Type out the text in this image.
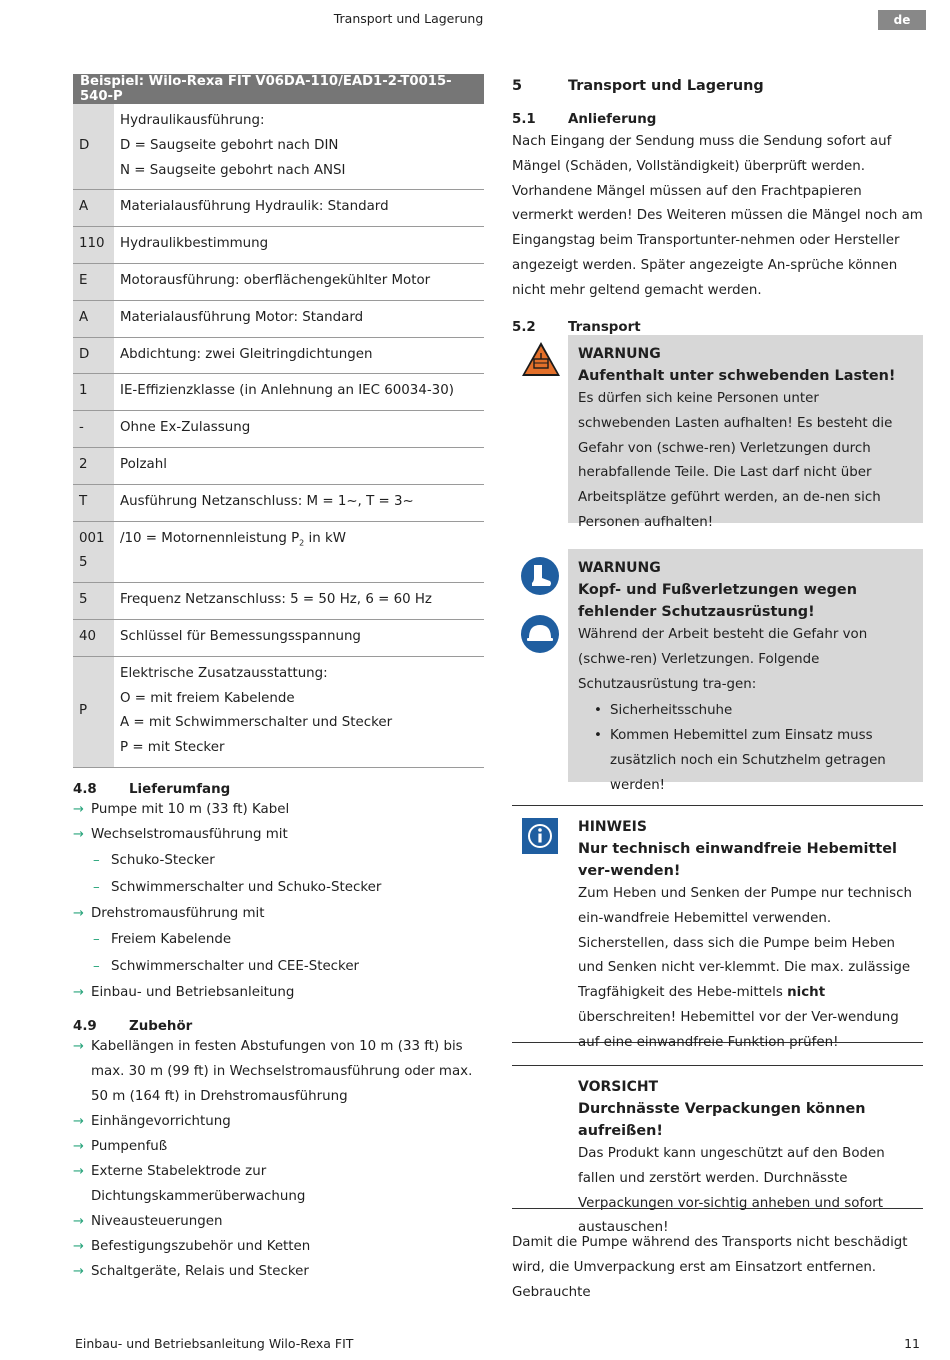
Transport und Lagerung	de
Beispiel: Wilo-Rexa FIT V06DA-110/EAD1-2-T0015-540-P	
D	Hydraulikausführung:
D = Saugseite gebohrt nach DIN
N = Saugseite gebohrt nach ANSI

A	Materialausführung Hydraulik: Standard
110	Hydraulikbestimmung
E	Motorausführung: oberflächengekühlter Motor
A	Materialausführung Motor: Standard
D	Abdichtung: zwei Gleitringdichtungen
1	IE-Effizienzklasse (in Anlehnung an IEC 60034-30)
-	Ohne Ex-Zulassung
2	Polzahl
T	Ausführung Netzanschluss: M = 1~, T = 3~
001 5	/10 = Motornennleistung $P_2$ in kW
5	Frequenz Netzanschluss: 5 = 50 Hz, 6 = 60 Hz
40	Schlüssel für Bemessungsspannung
P	Elektrische Zusatzausstattung:
O = mit freiem Kabelende
A = mit Schwimmerschalter und Stecker
P = mit Stecker
4.8	Lieferumfang
→ Pumpe mit 10 m (33 ft) Kabel
→ Wechselstromausführung mit
– Schuko-Stecker
– Schwimmerschalter und Schuko-Stecker
→ Drehstromausführung mit
– Freiem Kabelende
– Schwimmerschalter und CEE-Stecker
→ Einbau- und Betriebsanleitung
4.9	Zubehör
→ Kabellängen in festen Abstufungen von 10 m (33 ft) bis max. 30 m (99 ft) in Wechselstromausführung oder max. 50 m (164 ft) in Drehstromausführung
→ Einhängevorrichtung
→ Pumpenfuß
→ Externe Stabelektrode zur Dichtungskammerüberwachung
→ Niveausteuerungen
→ Befestigungszubehör und Ketten
→ Schaltgeräte, Relais und Stecker
5	Transport und Lagerung
5.1	Anlieferung
Nach Eingang der Sendung muss die Sendung sofort auf Mängel (Schäden, Vollständigkeit) überprüft werden. Vorhandene Mängel müssen auf den Frachtpapieren vermerkt werden! Des Weiteren müssen die Mängel noch am Eingangstag beim Transportunter-nehmen oder Hersteller angezeigt werden. Später angezeigte An-sprüche können nicht mehr geltend gemacht werden.
5.2	Transport
WARNUNG
Aufenthalt unter schwebenden Lasten!
Es dürfen sich keine Personen unter schwebenden Lasten aufhalten! Es besteht die Gefahr von (schwe-ren) Verletzungen durch herabfallende Teile. Die Last darf nicht über Arbeitsplätze geführt werden, an de-nen sich Personen aufhalten!
WARNUNG
Kopf- und Fußverletzungen wegen fehlender Schutzausrüstung!
Während der Arbeit besteht die Gefahr von (schwe-ren) Verletzungen. Folgende Schutzausrüstung tra-gen:
• Sicherheitsschuhe
• Kommen Hebemittel zum Einsatz muss zusätzlich noch ein Schutzhelm getragen werden!
HINWEIS
Nur technisch einwandfreie Hebemittel ver-wenden!
Zum Heben und Senken der Pumpe nur technisch ein-wandfreie Hebemittel verwenden. Sicherstellen, dass sich die Pumpe beim Heben und Senken nicht ver-klemmt. Die max. zulässige Tragfähigkeit des Hebe-mittels nicht überschreiten! Hebemittel vor der Ver-wendung auf eine einwandfreie Funktion prüfen!
VORSICHT
Durchnässte Verpackungen können aufreißen!
Das Produkt kann ungeschützt auf den Boden fallen und zerstört werden. Durchnässte Verpackungen vor-sichtig anheben und sofort austauschen!
Damit die Pumpe während des Transports nicht beschädigt wird, die Umverpackung erst am Einsatzort entfernen. Gebrauchte
Einbau- und Betriebsanleitung Wilo-Rexa FIT	11
